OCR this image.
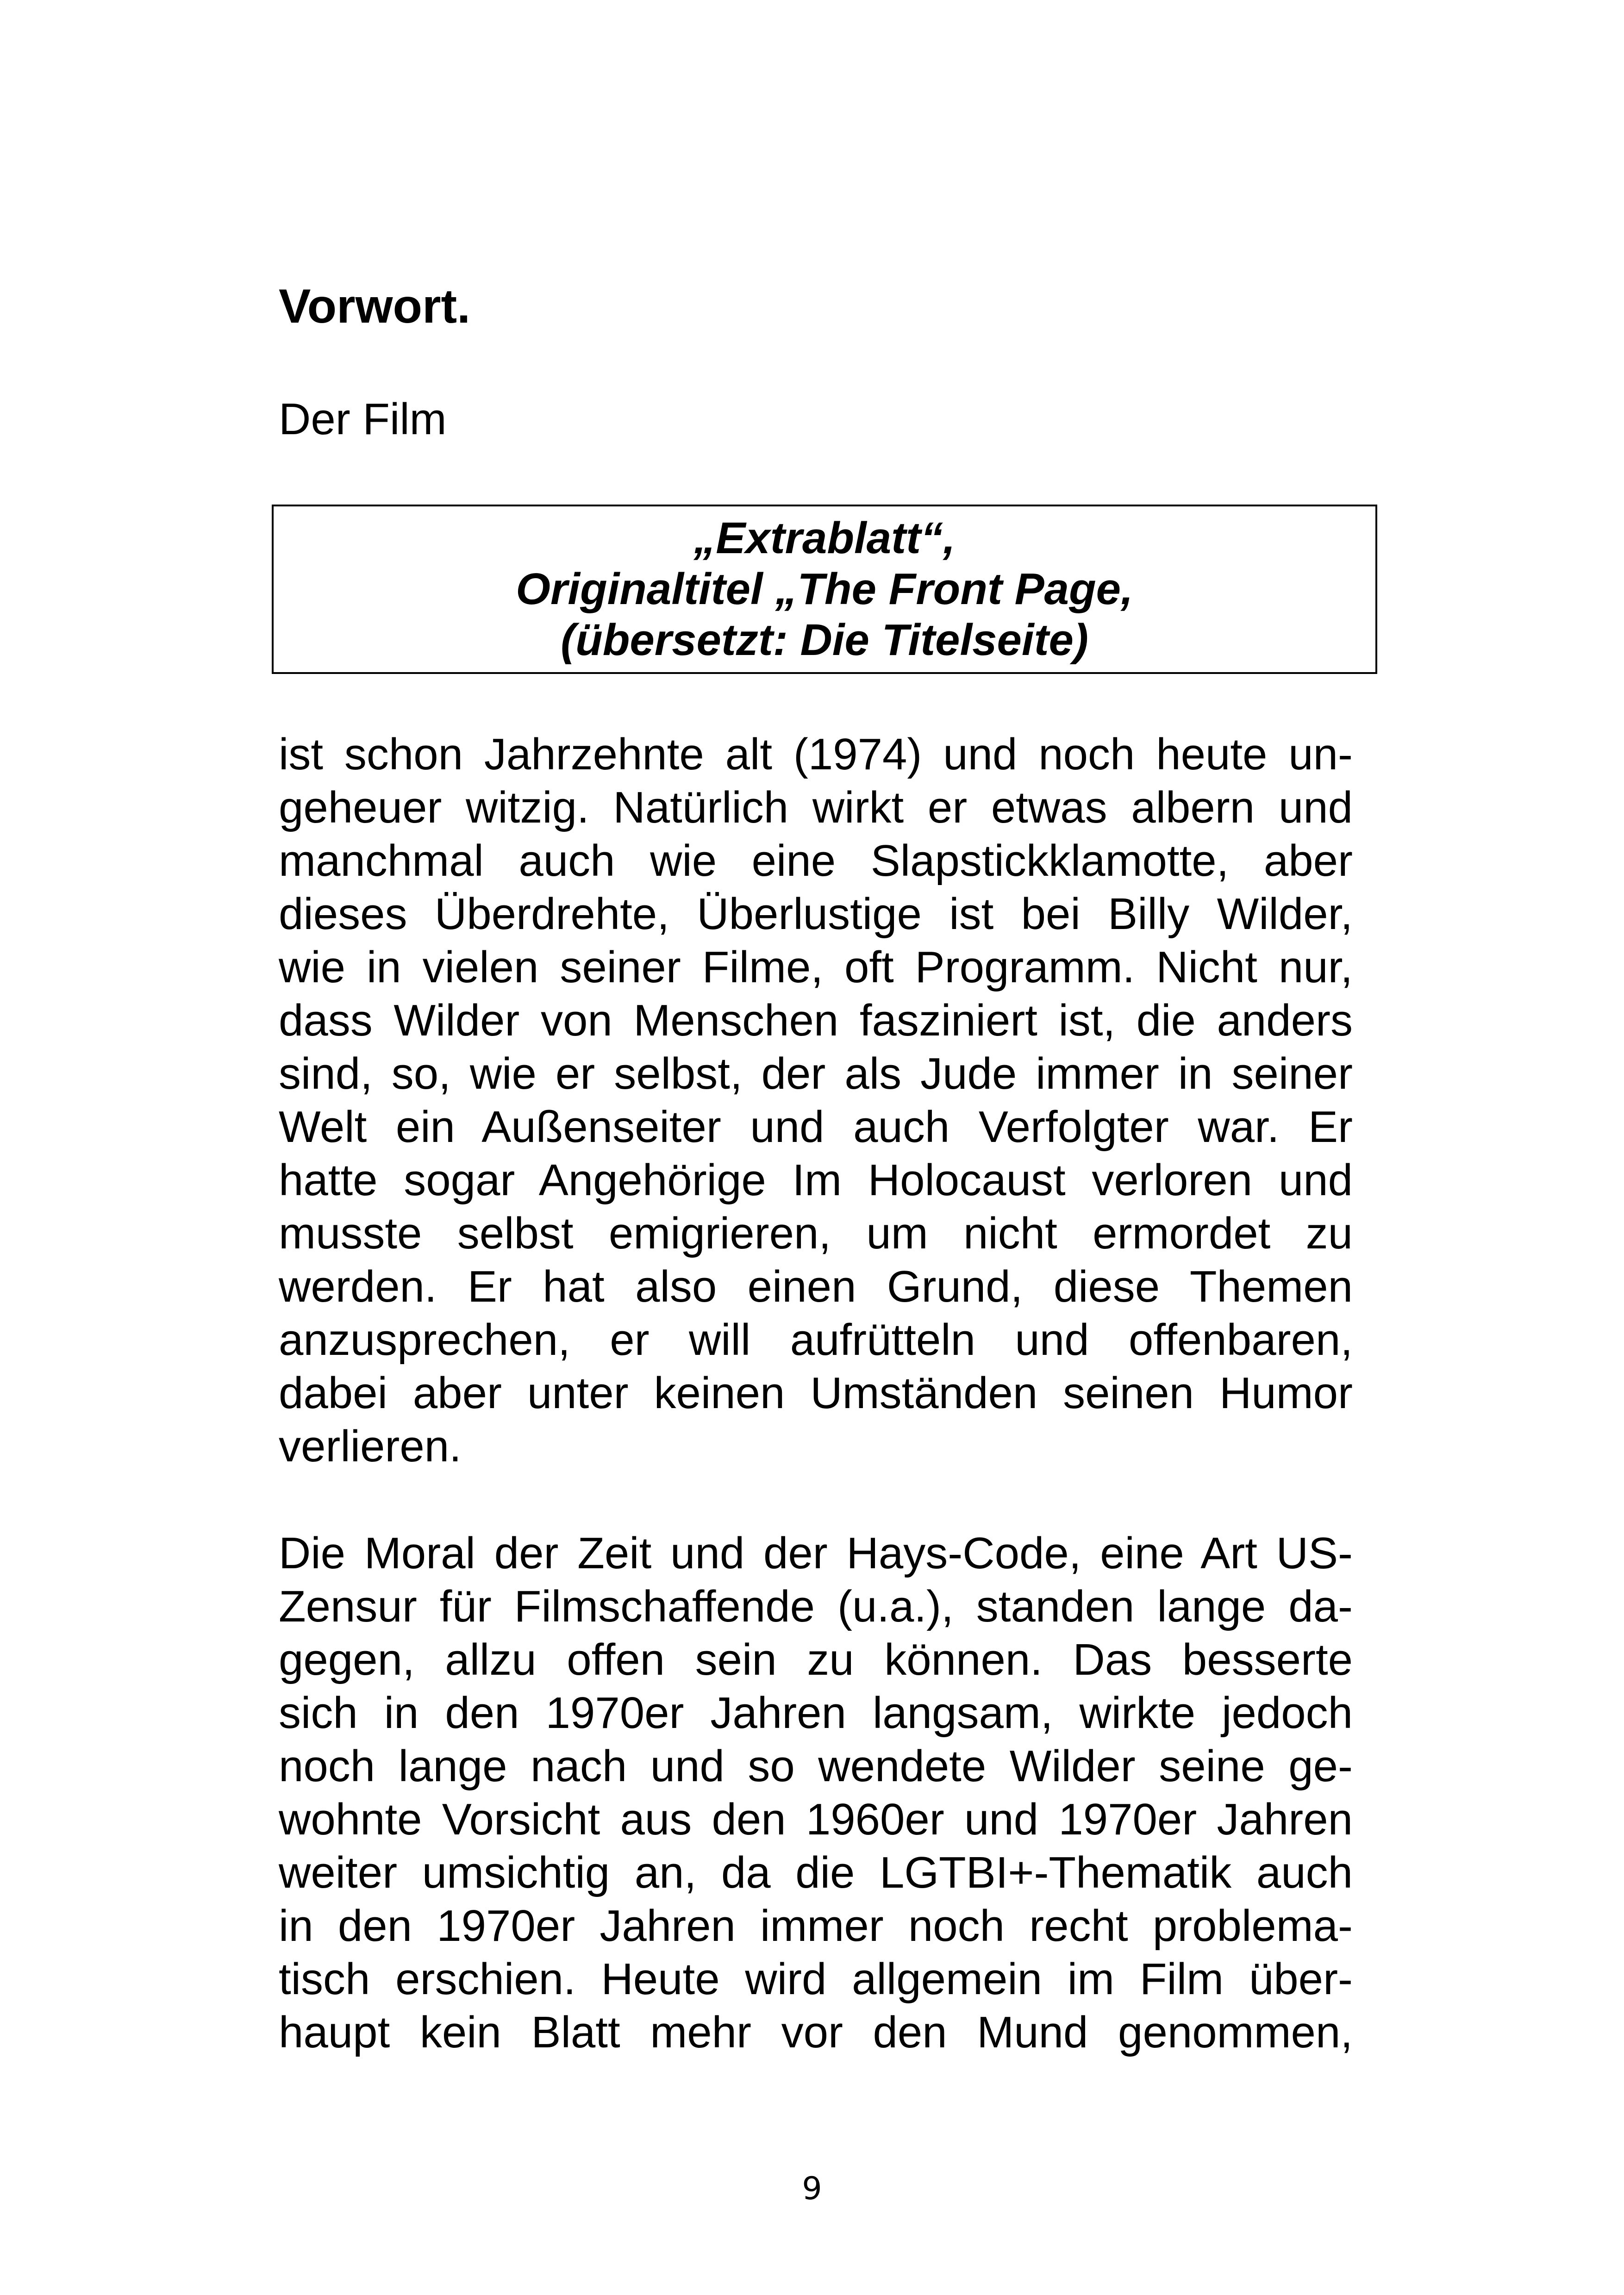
Vorwort.

Der Film

„Extrablatt“,
Originaltitel „The Front Page,
(übersetzt: Die Titelseite)
ist schon Jahrzehnte alt (1974) und noch heute un-
geheuer witzig. Natürlich wirkt er etwas albern und
manchmal auch wie eine Slapstickklamotte, aber
dieses Überdrehte, Überlustige ist bei Billy Wilder,
wie in vielen seiner Filme, oft Programm. Nicht nur,
dass Wilder von Menschen fasziniert ist, die anders
sind, so, wie er selbst, der als Jude immer in seiner
Welt ein Außenseiter und auch Verfolgter war. Er
hatte sogar Angehörige Im Holocaust verloren und
musste selbst emigrieren, um nicht ermordet zu
werden. Er hat also einen Grund, diese Themen
anzusprechen, er will aufrütteln und offenbaren,
dabei aber unter keinen Umständen seinen Humor
verlieren.
Die Moral der Zeit und der Hays-Code, eine Art US-
Zensur für Filmschaffende (u.a.), standen lange da-
gegen, allzu offen sein zu können. Das besserte
sich in den 1970er Jahren langsam, wirkte jedoch
noch lange nach und so wendete Wilder seine ge-
wohnte Vorsicht aus den 1960er und 1970er Jahren
weiter umsichtig an, da die LGTBI+-Thematik auch
in den 1970er Jahren immer noch recht problema-
tisch erschien. Heute wird allgemein im Film über-
haupt kein Blatt mehr vor den Mund genommen,
9
